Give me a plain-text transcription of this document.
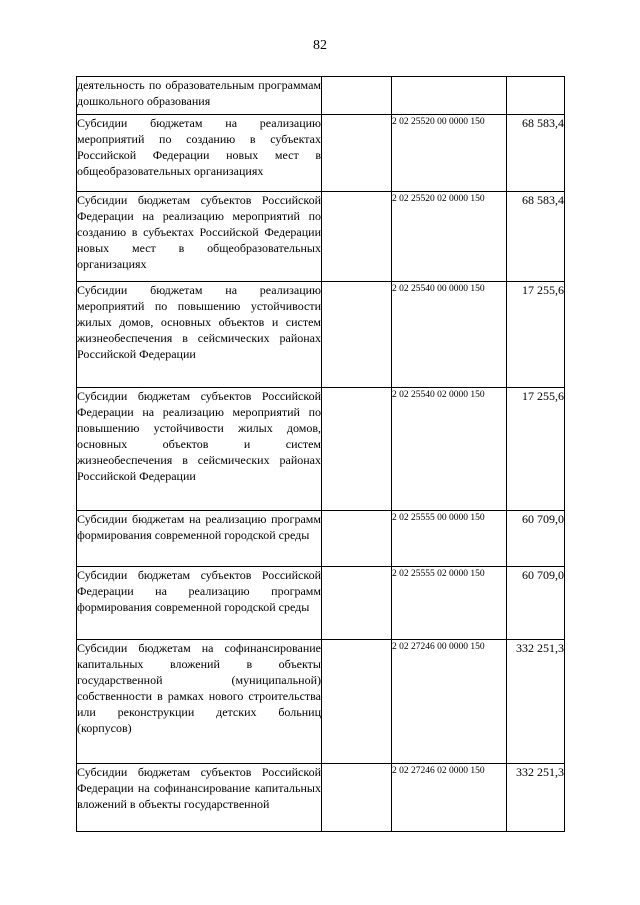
82
деятельность по образовательным программам дошкольного образования			
Субсидии бюджетам на реализацию мероприятий по созданию в субъектах Российской Федерации новых мест в общеобразовательных организациях		2 02 25520 00 0000 150	68 583,4
Субсидии бюджетам субъектов Российской Федерации на реализацию мероприятий по созданию в субъектах Российской Федерации новых мест в общеобразовательных организациях		2 02 25520 02 0000 150	68 583,4
Субсидии бюджетам на реализацию мероприятий по повышению устойчивости жилых домов, основных объектов и систем жизнеобеспечения в сейсмических районах Российской Федерации		2 02 25540 00 0000 150	17 255,6
Субсидии бюджетам субъектов Российской Федерации на реализацию мероприятий по повышению устойчивости жилых домов, основных объектов и систем жизнеобеспечения в сейсмических районах Российской Федерации		2 02 25540 02 0000 150	17 255,6
Субсидии бюджетам на реализацию программ формирования современной городской среды		2 02 25555 00 0000 150	60 709,0
Субсидии бюджетам субъектов Российской Федерации на реализацию программ формирования современной городской среды		2 02 25555 02 0000 150	60 709,0
Субсидии бюджетам на софинансирование капитальных вложений в объекты государственной (муниципальной) собственности в рамках нового строительства или реконструкции детских больниц (корпусов)		2 02 27246 00 0000 150	332 251,3
Субсидии бюджетам субъектов Российской Федерации на софинансирование капитальных вложений в объекты государственной		2 02 27246 02 0000 150	332 251,3
